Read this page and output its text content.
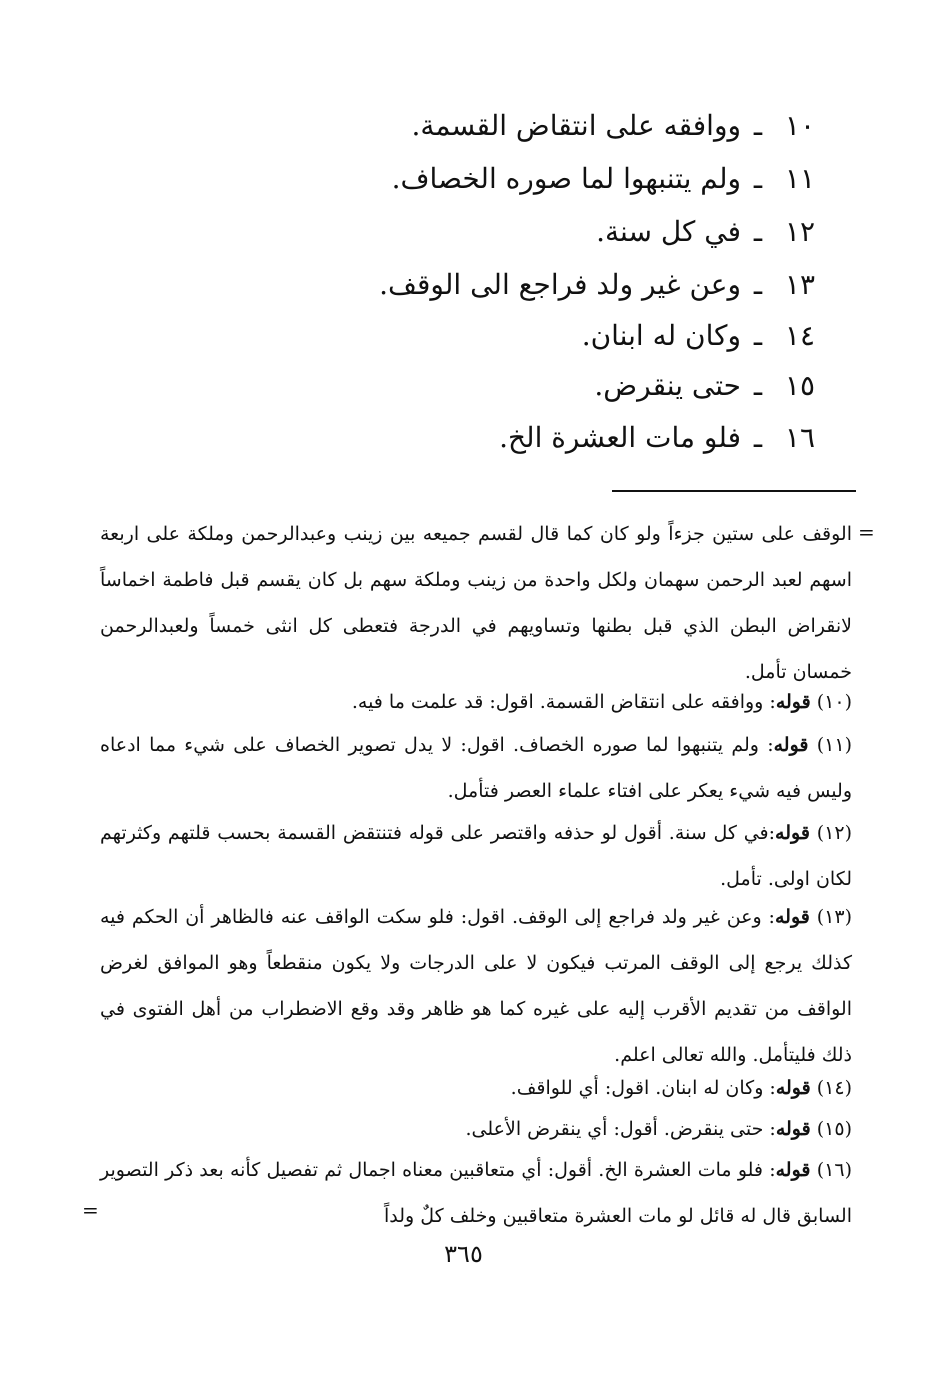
١٠
ـ
ووافقه على انتقاض القسمة.
١١
ـ
ولم يتنبهوا لما صوره الخصاف.
١٢
ـ
في كل سنة.
١٣
ـ
وعن غير ولد فراجع الى الوقف.
١٤
ـ
وكان له ابنان.
١٥
ـ
حتى ينقرض.
١٦
ـ
فلو مات العشرة الخ.
=
الوقف على ستين جزءاً ولو كان كما قال لقسم جميعه بين زينب وعبدالرحمن وملكة على اربعة اسهم لعبد الرحمن سهمان ولكل واحدة من زينب وملكة سهم بل كان يقسم قبل فاطمة اخماساً لانقراض البطن الذي قبل بطنها وتساويهم في الدرجة فتعطى كل انثى خمساً ولعبدالرحمن خمسان تأمل.
(١٠) قوله: ووافقه على انتقاض القسمة. اقول: قد علمت ما فيه.
(١١) قوله: ولم يتنبهوا لما صوره الخصاف. اقول: لا يدل تصوير الخصاف على شيء مما ادعاه وليس فيه شيء يعكر على افتاء علماء العصر فتأمل.
(١٢) قوله:في كل سنة. أقول لو حذفه واقتصر على قوله فتنتقض القسمة بحسب قلتهم وكثرتهم لكان اولى. تأمل.
(١٣) قوله: وعن غير ولد فراجع إلى الوقف. اقول: فلو سكت الواقف عنه فالظاهر أن الحكم فيه كذلك يرجع إلى الوقف المرتب فيكون لا على الدرجات ولا يكون منقطعاً وهو الموافق لغرض الواقف من تقديم الأقرب إليه على غيره كما هو ظاهر وقد وقع الاضطراب من أهل الفتوى في ذلك فليتأمل. والله تعالى اعلم.
(١٤) قوله: وكان له ابنان. اقول: أي للواقف.
(١٥) قوله: حتى ينقرض. أقول: أي ينقرض الأعلى.
(١٦) قوله: فلو مات العشرة الخ. أقول: أي متعاقبين معناه اجمال ثم تفصيل كأنه بعد ذكر التصوير السابق قال له قائل لو مات العشرة متعاقبين وخلف كلٌ ولداً
=
٣٦٥
